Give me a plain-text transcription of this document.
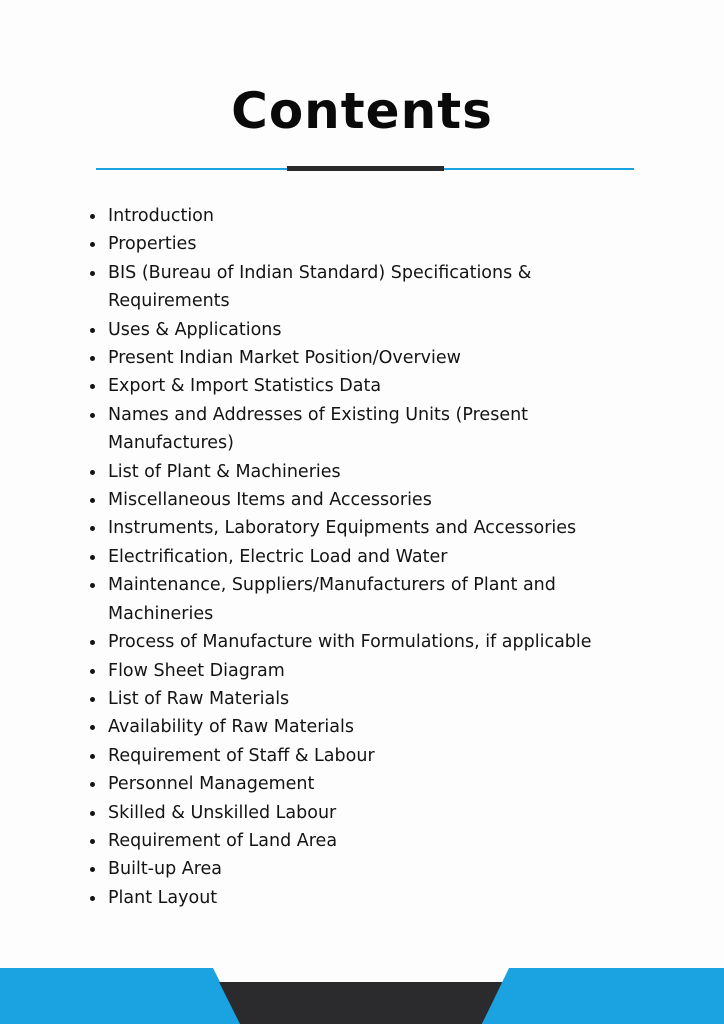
Contents
Introduction
Properties
BIS (Bureau of Indian Standard) Specifications &
Requirements
Uses & Applications
Present Indian Market Position/Overview
Export & Import Statistics Data
Names and Addresses of Existing Units (Present
Manufactures)
List of Plant & Machineries
Miscellaneous Items and Accessories
Instruments, Laboratory Equipments and Accessories
Electrification, Electric Load and Water
Maintenance, Suppliers/Manufacturers of Plant and
Machineries
Process of Manufacture with Formulations, if applicable
Flow Sheet Diagram
List of Raw Materials
Availability of Raw Materials
Requirement of Staff & Labour
Personnel Management
Skilled & Unskilled Labour
Requirement of Land Area
Built-up Area
Plant Layout
